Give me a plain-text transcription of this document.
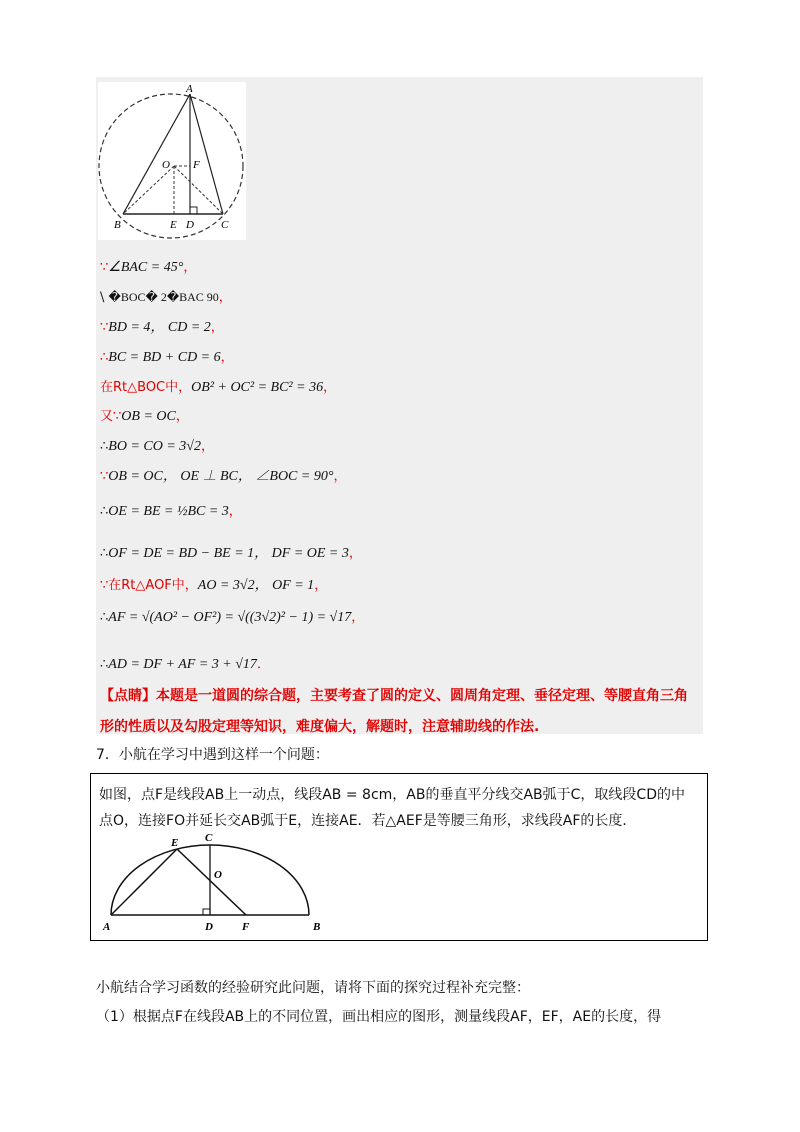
A
B	C
D
E
F
O
∵∠BAC = 45°，
\ �BOC� 2�BAC 90，
∵BD = 4， CD = 2，
∴BC = BD + CD = 6，
在Rt△BOC中，OB² + OC² = BC² = 36，
又∵OB = OC，
∴BO = CO = 3√2，
∵OB = OC， OE ⊥ BC， ∠BOC = 90°，
∴OE = BE = ½BC = 3，
∴OF = DE = BD − BE = 1， DF = OE = 3，
∵在Rt△AOF中，AO = 3√2， OF = 1，
∴AF = √(AO² − OF²) = √((3√2)² − 1) = √17，
∴AD = DF + AF = 3 + √17．
【点睛】本题是一道圆的综合题，主要考查了圆的定义、圆周角定理、垂径定理、等腰直角三角形的性质以及勾股定理等知识，难度偏大，解题时，注意辅助线的作法.
7．小航在学习中遇到这样一个问题：
如图，点F是线段AB上一动点，线段AB = 8cm，AB的垂直平分线交AB弧于C，取线段CD的中
点O，连接FO并延长交AB弧于E，连接AE．若△AEF是等腰三角形，求线段AF的长度．
A	B
C
D
E
F
O
小航结合学习函数的经验研究此问题，请将下面的探究过程补充完整：
（1）根据点F在线段AB上的不同位置，画出相应的图形，测量线段AF，EF，AE的长度，得
